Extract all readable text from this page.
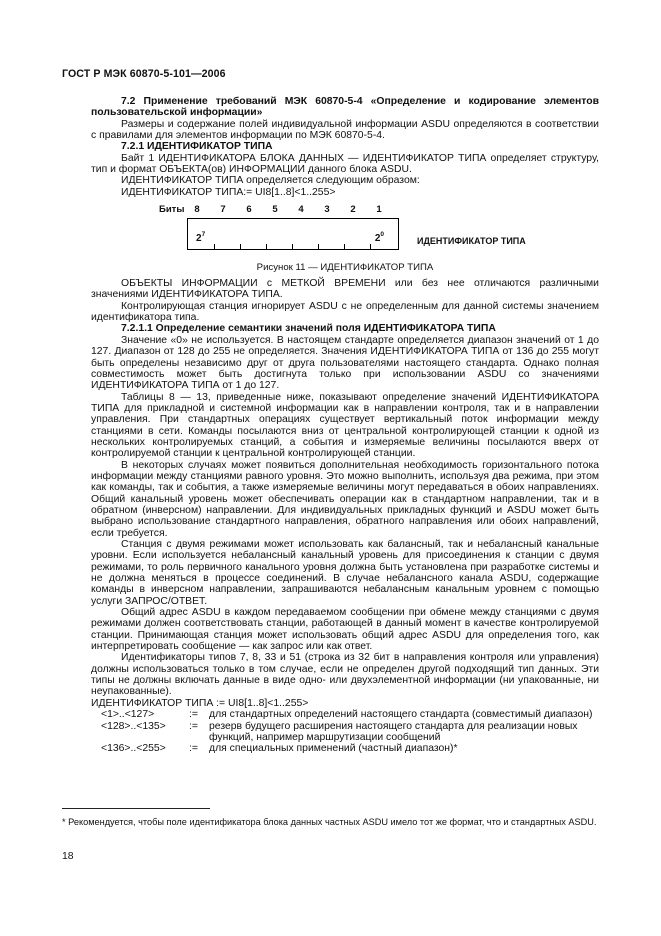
ГОСТ Р МЭК 60870-5-101—2006

7.2 Применение требований МЭК 60870-5-4 «Определение и кодирование элементов пользовательской информации»

Размеры и содержание полей индивидуальной информации ASDU определяются в соответствии с правилами для элементов информации по МЭК 60870-5-4.

7.2.1 ИДЕНТИФИКАТОР ТИПА

Байт 1 ИДЕНТИФИКАТОРА БЛОКА ДАННЫХ — ИДЕНТИФИКАТОР ТИПА определяет структуру, тип и формат ОБЪЕКТА(ов) ИНФОРМАЦИИ данного блока ASDU.

ИДЕНТИФИКАТОР ТИПА определяется следующим образом:

ИДЕНТИФИКАТОР ТИПА:= UI8[1..8]<1..255>

Биты 8 7 6 5 4 3 2 1
$2^7$	$2^0$
ИДЕНТИФИКАТОР ТИПА
Рисунок 11 — ИДЕНТИФИКАТОР ТИПА

ОБЪЕКТЫ ИНФОРМАЦИИ с МЕТКОЙ ВРЕМЕНИ или без нее отличаются различными значениями ИДЕНТИФИКАТОРА ТИПА.

Контролирующая станция игнорирует ASDU с не определенным для данной системы значением идентификатора типа.

7.2.1.1 Определение семантики значений поля ИДЕНТИФИКАТОРА ТИПА

Значение «0» не используется. В настоящем стандарте определяется диапазон значений от 1 до 127. Диапазон от 128 до 255 не определяется. Значения ИДЕНТИФИКАТОРА ТИПА от 136 до 255 могут быть определены независимо друг от друга пользователями настоящего стандарта. Однако полная совместимость может быть достигнута только при использовании ASDU со значениями ИДЕНТИФИКАТОРА ТИПА от 1 до 127.

Таблицы 8 — 13, приведенные ниже, показывают определение значений ИДЕНТИФИКАТОРА ТИПА для прикладной и системной информации как в направлении контроля, так и в направлении управления. При стандартных операциях существует вертикальный поток информации между станциями в сети. Команды посылаются вниз от центральной контролирующей станции к одной из нескольких контролируемых станций, а события и измеряемые величины посылаются вверх от контролируемой станции к центральной контролирующей станции.

В некоторых случаях может появиться дополнительная необходимость горизонтального потока информации между станциями равного уровня. Это можно выполнить, используя два режима, при этом как команды, так и события, а также измеряемые величины могут передаваться в обоих направлениях. Общий канальный уровень может обеспечивать операции как в стандартном направлении, так и в обратном (инверсном) направлении. Для индивидуальных прикладных функций и ASDU может быть выбрано использование стандартного направления, обратного направления или обоих направлений, если требуется.

Станция с двумя режимами может использовать как балансный, так и небалансный канальные уровни. Если используется небалансный канальный уровень для присоединения к станции с двумя режимами, то роль первичного канального уровня должна быть установлена при разработке системы и не должна меняться в процессе соединений. В случае небалансного канала ASDU, содержащие команды в инверсном направлении, запрашиваются небалансным канальным уровнем с помощью услуги ЗАПРОС/ОТВЕТ.

Общий адрес ASDU в каждом передаваемом сообщении при обмене между станциями с двумя режимами должен соответствовать станции, работающей в данный момент в качестве контролируемой станции. Принимающая станция может использовать общий адрес ASDU для определения того, как интерпретировать сообщение — как запрос или как ответ.

Идентификаторы типов 7, 8, 33 и 51 (строка из 32 бит в направления контроля или управления) должны использоваться только в том случае, если не определен другой подходящий тип данных. Эти типы не должны включать данные в виде одно- или двухэлементной информации (ни упакованные, ни неупакованные).

ИДЕНТИФИКАТОР ТИПА := UI8[1..8]<1..255>

<1>..<127>	:=	для стандартных определений настоящего стандарта (совместимый диапазон)
<128>..<135>	:=	резерв будущего расширения настоящего стандарта для реализации новых функций, например маршрутизации сообщений
<136>..<255>	:=	для специальных применений (частный диапазон)*

* Рекомендуется, чтобы поле идентификатора блока данных частных ASDU имело тот же формат, что и стандартных ASDU.

18
